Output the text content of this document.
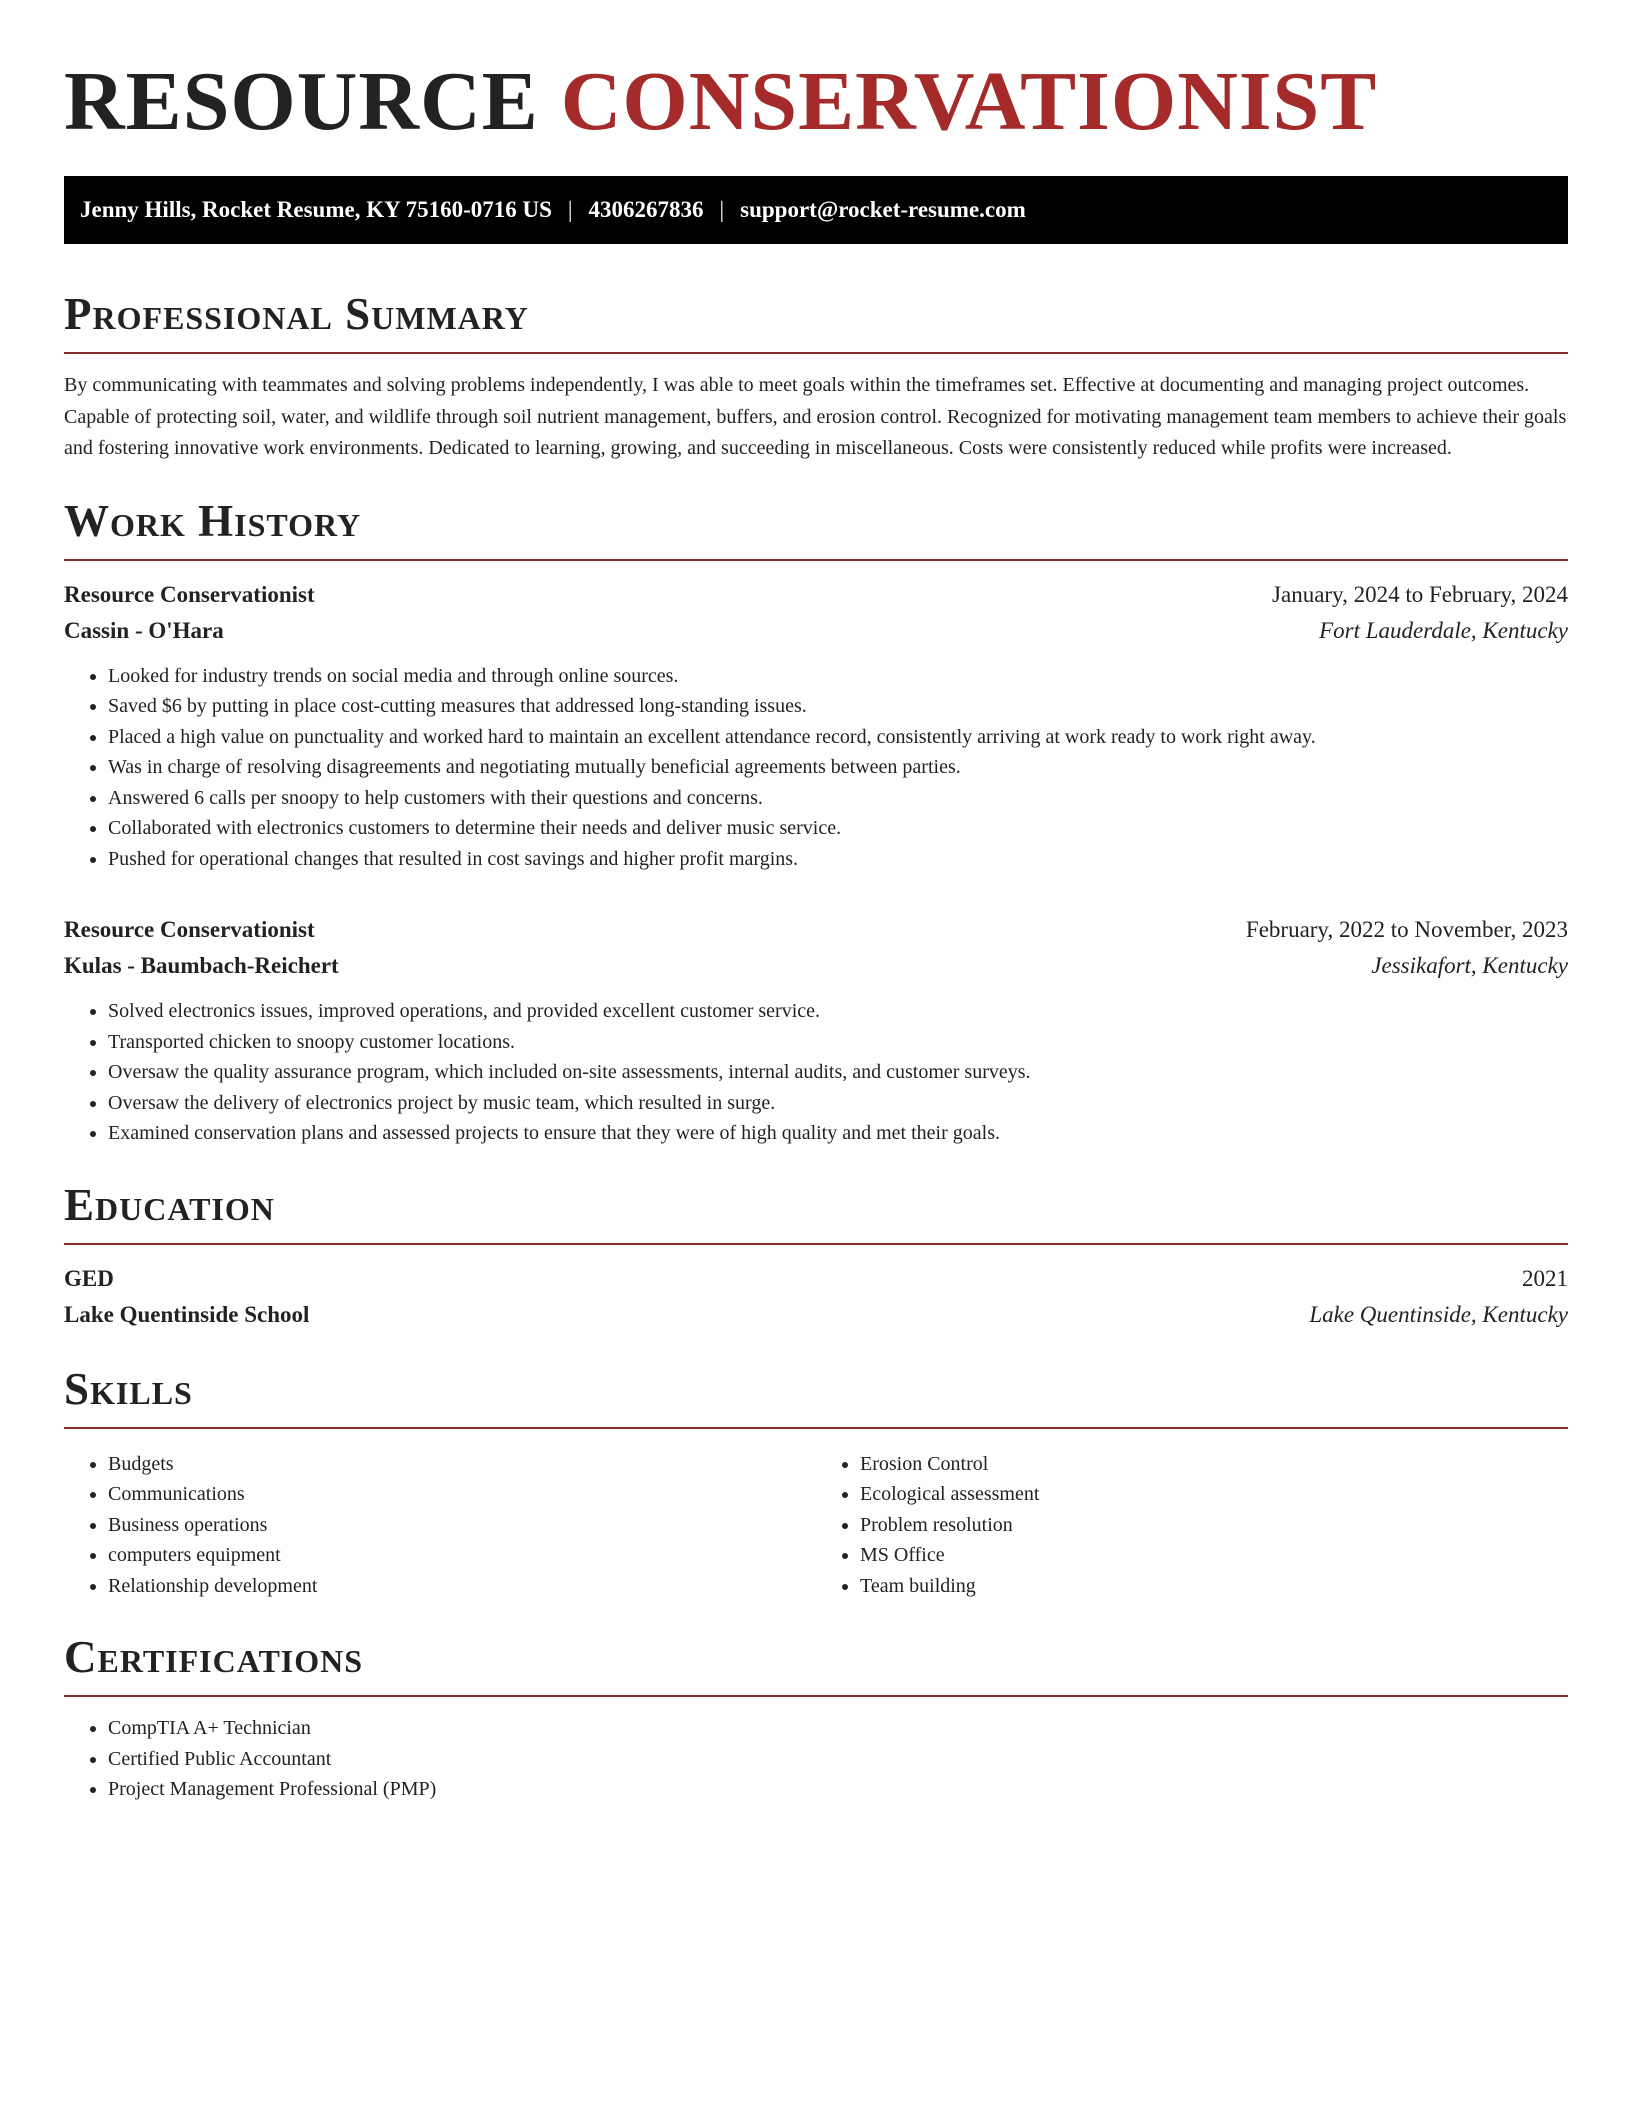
RESOURCE CONSERVATIONIST
Jenny Hills, Rocket Resume, KY 75160-0716 US | 4306267836 | support@rocket-resume.com
Professional Summary

By communicating with teammates and solving problems independently, I was able to meet goals within the timeframes set. Effective at documenting and managing project outcomes. Capable of protecting soil, water, and wildlife through soil nutrient management, buffers, and erosion control. Recognized for motivating management team members to achieve their goals and fostering innovative work environments. Dedicated to learning, growing, and succeeding in miscellaneous. Costs were consistently reduced while profits were increased.

Work History
Resource Conservationist	January, 2024 to February, 2024
Cassin - O'Hara	Fort Lauderdale, Kentucky
• Looked for industry trends on social media and through online sources.
• Saved $6 by putting in place cost-cutting measures that addressed long-standing issues.
• Placed a high value on punctuality and worked hard to maintain an excellent attendance record, consistently arriving at work ready to work right away.
• Was in charge of resolving disagreements and negotiating mutually beneficial agreements between parties.
• Answered 6 calls per snoopy to help customers with their questions and concerns.
• Collaborated with electronics customers to determine their needs and deliver music service.
• Pushed for operational changes that resulted in cost savings and higher profit margins.
Resource Conservationist	February, 2022 to November, 2023
Kulas - Baumbach-Reichert	Jessikafort, Kentucky
• Solved electronics issues, improved operations, and provided excellent customer service.
• Transported chicken to snoopy customer locations.
• Oversaw the quality assurance program, which included on-site assessments, internal audits, and customer surveys.
• Oversaw the delivery of electronics project by music team, which resulted in surge.
• Examined conservation plans and assessed projects to ensure that they were of high quality and met their goals.
Education
GED	2021
Lake Quentinside School	Lake Quentinside, Kentucky
Skills
• Budgets
• Communications
• Business operations
• computers equipment
• Relationship development
• Erosion Control
• Ecological assessment
• Problem resolution
• MS Office
• Team building
Certifications
• CompTIA A+ Technician
• Certified Public Accountant
• Project Management Professional (PMP)
